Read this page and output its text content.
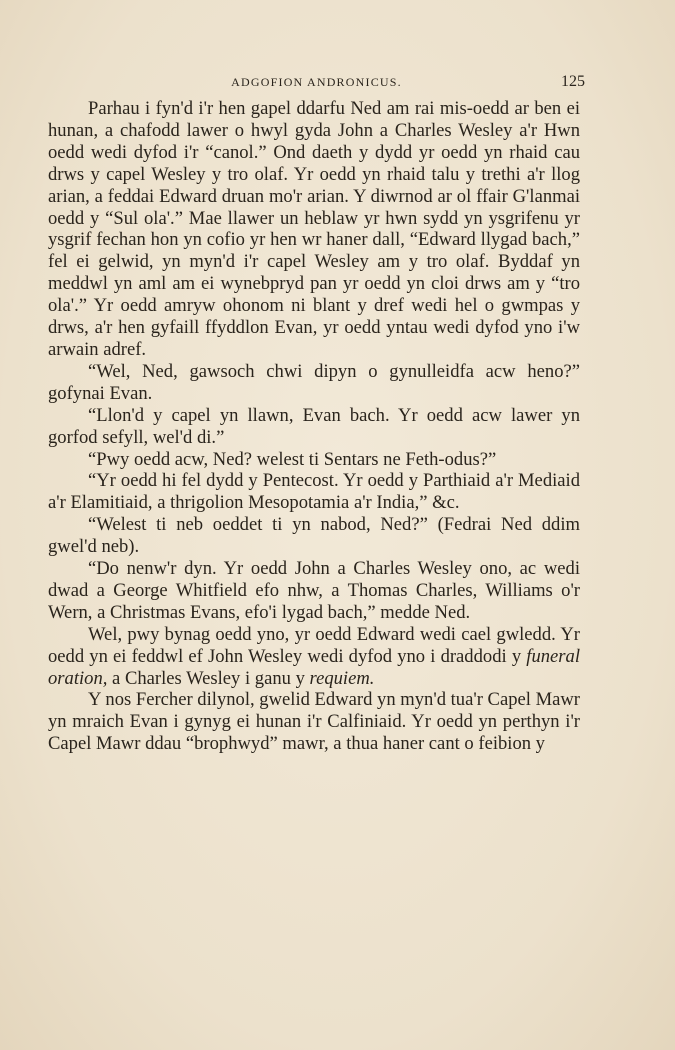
ADGOFION ANDRONICUS.	125

Parhau i fyn'd i'r hen gapel ddarfu Ned am rai mis-oedd ar ben ei hunan, a chafodd lawer o hwyl gyda John a Charles Wesley a'r Hwn oedd wedi dyfod i'r “canol.” Ond daeth y dydd yr oedd yn rhaid cau drws y capel Wesley y tro olaf. Yr oedd yn rhaid talu y trethi a'r llog arian, a feddai Edward druan mo'r arian. Y diwrnod ar ol ffair G'lanmai oedd y “Sul ola'.” Mae llawer un heblaw yr hwn sydd yn ysgrifenu yr ysgrif fechan hon yn cofio yr hen wr haner dall, “Edward llygad bach,” fel ei gelwid, yn myn'd i'r capel Wesley am y tro olaf. Byddaf yn meddwl yn aml am ei wynebpryd pan yr oedd yn cloi drws am y “tro ola'.” Yr oedd amryw ohonom ni blant y dref wedi hel o gwmpas y drws, a'r hen gyfaill ffyddlon Evan, yr oedd yntau wedi dyfod yno i'w arwain adref.

“Wel, Ned, gawsoch chwi dipyn o gynulleidfa acw heno?” gofynai Evan.

“Llon'd y capel yn llawn, Evan bach. Yr oedd acw lawer yn gorfod sefyll, wel'd di.”

“Pwy oedd acw, Ned? welest ti Sentars ne Feth-odus?”

“Yr oedd hi fel dydd y Pentecost. Yr oedd y Parthiaid a'r Mediaid a'r Elamitiaid, a thrigolion Mesopotamia a'r India,” &c.

“Welest ti neb oeddet ti yn nabod, Ned?” (Fedrai Ned ddim gwel'd neb).

“Do nenw'r dyn. Yr oedd John a Charles Wesley ono, ac wedi dwad a George Whitfield efo nhw, a Thomas Charles, Williams o'r Wern, a Christmas Evans, efo'i lygad bach,” medde Ned.

Wel, pwy bynag oedd yno, yr oedd Edward wedi cael gwledd. Yr oedd yn ei feddwl ef John Wesley wedi dyfod yno i draddodi y funeral oration, a Charles Wesley i ganu y requiem.

Y nos Fercher dilynol, gwelid Edward yn myn'd tua'r Capel Mawr yn mraich Evan i gynyg ei hunan i'r Calfiniaid. Yr oedd yn perthyn i'r Capel Mawr ddau “brophwyd” mawr, a thua haner cant o feibion y
